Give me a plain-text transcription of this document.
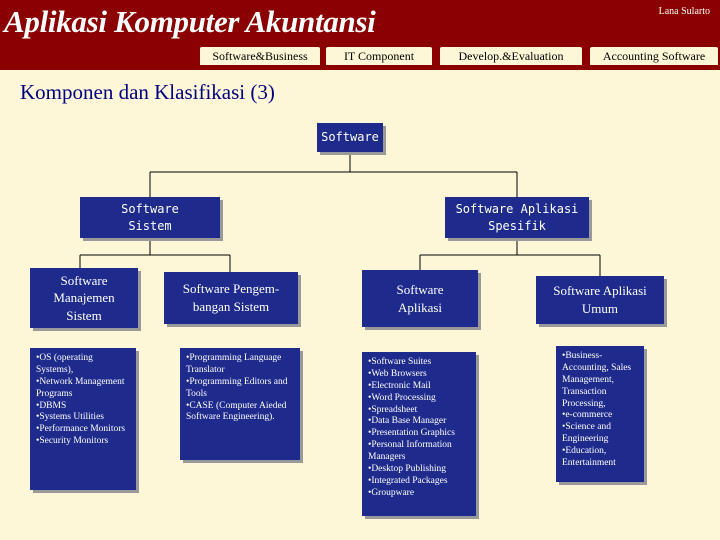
Aplikasi Komputer Akuntansi	Lana Sularto
Software&Business	IT Component	Develop.&Evaluation	Accounting Software
Komponen dan Klasifikasi (3)
Software
Software
Sistem
Software Aplikasi
Spesifik
Software
Manajemen
Sistem
Software Pengem-
bangan Sistem
Software
Aplikasi
Software Aplikasi
Umum
•OS (operating Systems),
•Network Management Programs
•DBMS
•Systems Utilities
•Performance Monitors
•Security Monitors
•Programming Language Translator
•Programming Editors and Tools
•CASE (Computer Aieded Software Engineering).
•Software Suites
•Web Browsers
•Electronic Mail
•Word Processing
•Spreadsheet
•Data Base Manager
•Presentation Graphics
•Personal Information Managers
•Desktop Publishing
•Integrated Packages
•Groupware
•Business-Accounting, Sales Management, Transaction Processing,
•e-commerce
•Science and Engineering
•Education, Entertainment
